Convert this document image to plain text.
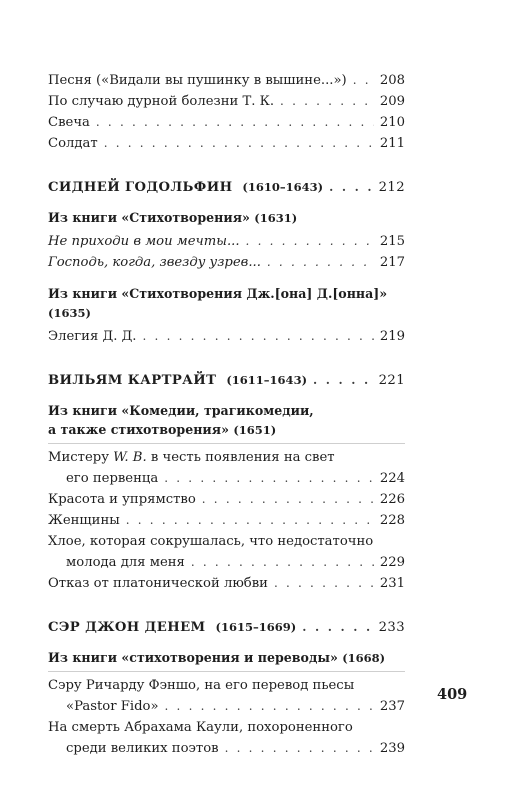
Песня («Видали вы пушинку в вышине...») . . .	208
По случаю дурной болезни Т. К. . . .	209
Свеча . . .	210
Солдат . . .	211
СИДНЕЙ ГОДОЛЬФИН (1610–1643) . . .	212
Из книги «Стихотворения» (1631)
Не приходи в мои мечты... . . .	215
Господь, когда, звезду узрев... . . .	217
Из книги «Стихотворения Дж.[она] Д.[онна]»
(1635)
Элегия Д. Д. . . .	219
ВИЛЬЯМ КАРТРАЙТ (1611–1643) . . .	221
Из книги «Комедии, трагикомедии,
а также стихотворения» (1651)
Мистеру W. B. в честь появления на свет
его первенца . . .	224
Красота и упрямство . . .	226
Женщины . . .	228
Хлое, которая сокрушалась, что недостаточно
молода для меня . . .	229
Отказ от платонической любви . . .	231
СЭР ДЖОН ДЕНЕМ (1615–1669) . . .	233
Из книги «стихотворения и переводы» (1668)
Сэру Ричарду Фэншо, на его перевод пьесы
«Pastor Fido» . . .	237
На смерть Абрахама Каули, похороненного
среди великих поэтов . . .	239
409
